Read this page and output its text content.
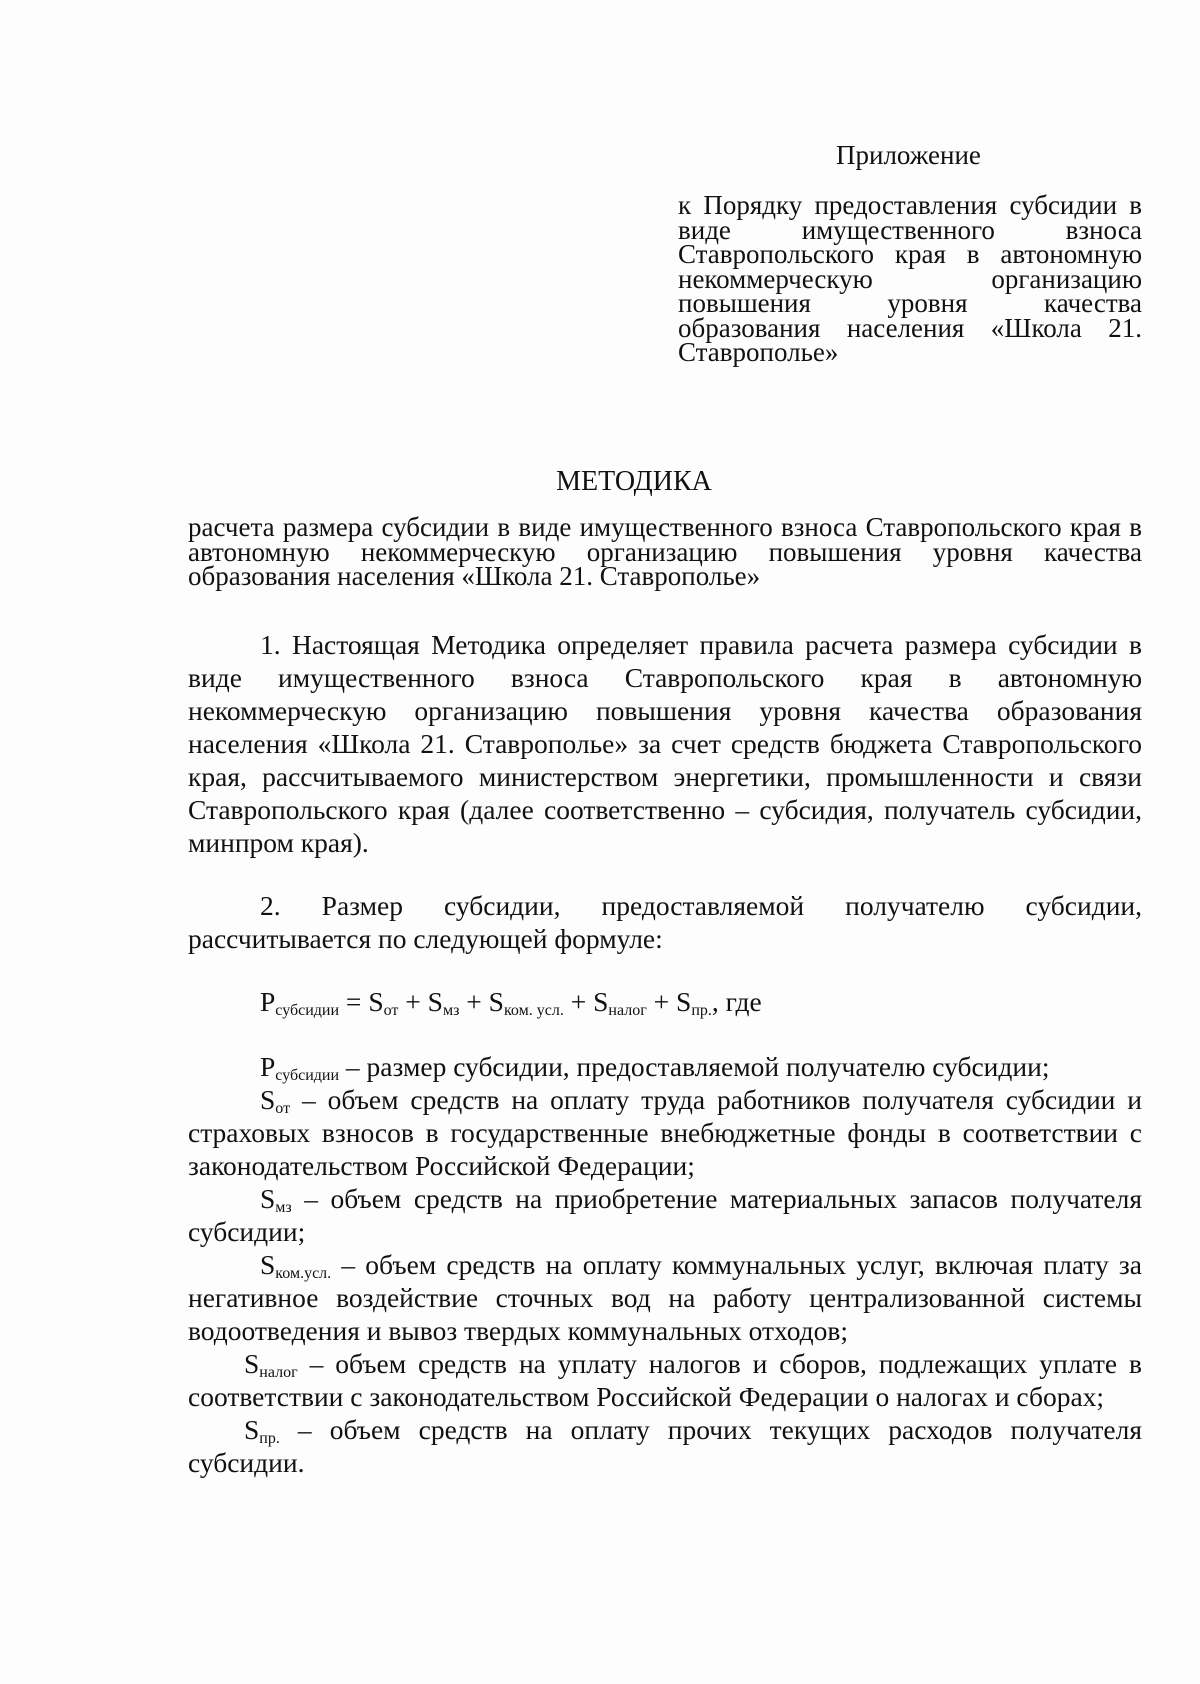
Приложение
к Порядку предоставления субсидии в виде имущественного взноса Ставропольского края в автономную некоммерческую организацию повышения уровня качества образования населения «Школа 21. Ставрополье»
МЕТОДИКА
расчета размера субсидии в виде имущественного взноса Ставропольского края в автономную некоммерческую организацию повышения уровня качества образования населения «Школа 21. Ставрополье»

1. Настоящая Методика определяет правила расчета размера субсидии в виде имущественного взноса Ставропольского края в автономную некоммерческую организацию повышения уровня качества образования населения «Школа 21. Ставрополье» за счет средств бюджета Ставропольского края, рассчитываемого министерством энергетики, промышленности и связи Ставропольского края (далее соответственно – субсидия, получатель субсидии, минпром края).

2. Размер субсидии, предоставляемой получателю субсидии, рассчитывается по следующей формуле:

$P_{субсидии} = S_{от} + S_{мз} + S_{ком. усл.} + S_{налог} + S_{пр.}$, где

$P_{субсидии}$ – размер субсидии, предоставляемой получателю субсидии;

$S_{от}$ – объем средств на оплату труда работников получателя субсидии и страховых взносов в государственные внебюджетные фонды в соответствии с законодательством Российской Федерации;

$S_{мз}$ – объем средств на приобретение материальных запасов получателя субсидии;

$S_{ком.усл.}$ – объем средств на оплату коммунальных услуг, включая плату за негативное воздействие сточных вод на работу централизованной системы водоотведения и вывоз твердых коммунальных отходов;

$S_{налог}$ – объем средств на уплату налогов и сборов, подлежащих уплате в соответствии с законодательством Российской Федерации о налогах и сборах;

$S_{пр.}$ – объем средств на оплату прочих текущих расходов получателя субсидии.
